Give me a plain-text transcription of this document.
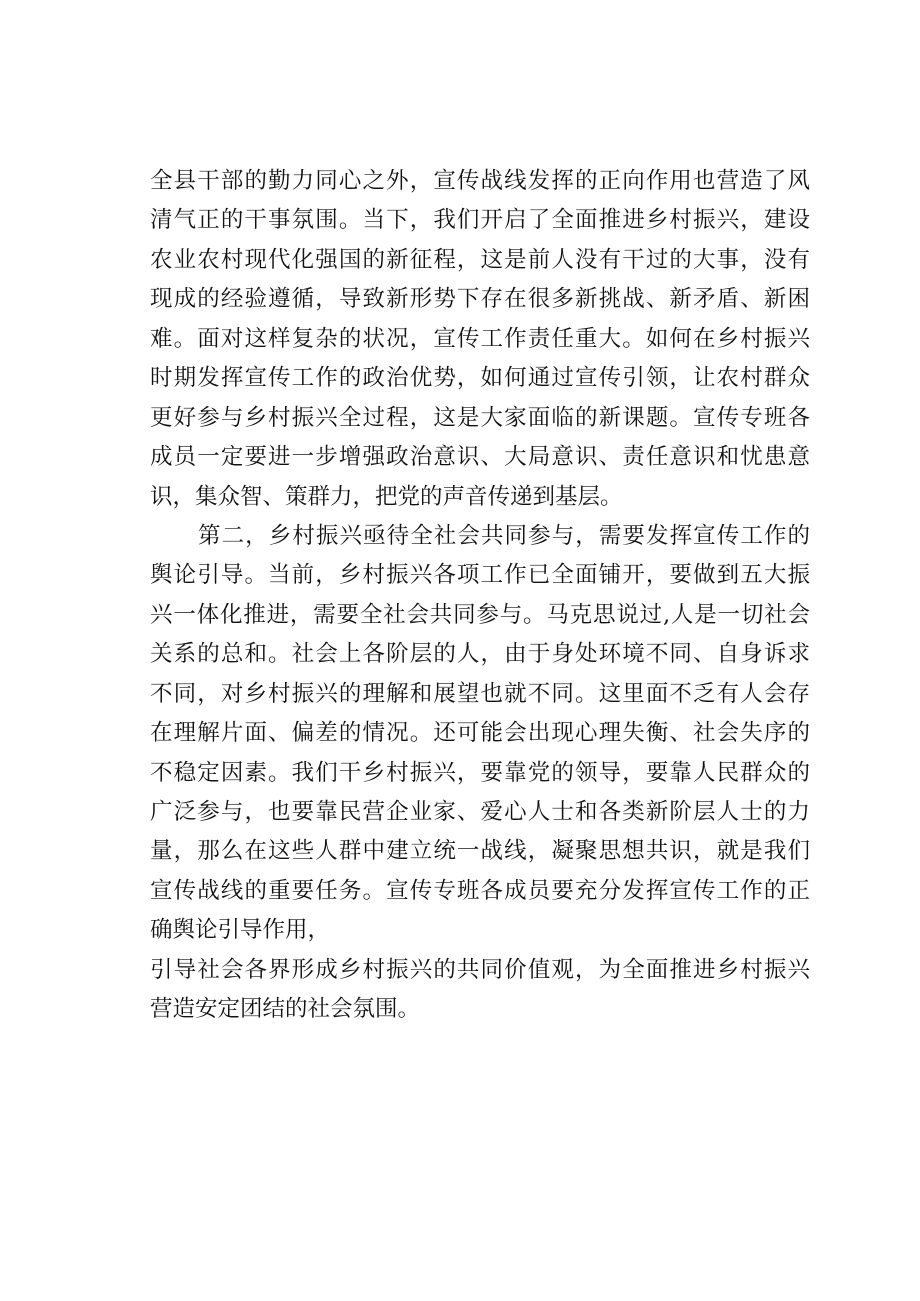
全县干部的勤力同心之外，宣传战线发挥的正向作用也营造了风
清气正的干事氛围。当下，我们开启了全面推进乡村振兴，建设
农业农村现代化强国的新征程，这是前人没有干过的大事，没有
现成的经验遵循，导致新形势下存在很多新挑战、新矛盾、新困
难。面对这样复杂的状况，宣传工作责任重大。如何在乡村振兴
时期发挥宣传工作的政治优势，如何通过宣传引领，让农村群众
更好参与乡村振兴全过程，这是大家面临的新课题。宣传专班各
成员一定要进一步增强政治意识、大局意识、责任意识和忧患意
识，集众智、策群力，把党的声音传递到基层。
第二，乡村振兴亟待全社会共同参与，需要发挥宣传工作的
舆论引导。当前，乡村振兴各项工作已全面铺开，要做到五大振
兴一体化推进，需要全社会共同参与。马克思说过,人是一切社会
关系的总和。社会上各阶层的人，由于身处环境不同、自身诉求
不同，对乡村振兴的理解和展望也就不同。这里面不乏有人会存
在理解片面、偏差的情况。还可能会出现心理失衡、社会失序的
不稳定因素。我们干乡村振兴，要靠党的领导，要靠人民群众的
广泛参与，也要靠民营企业家、爱心人士和各类新阶层人士的力
量，那么在这些人群中建立统一战线，凝聚思想共识，就是我们
宣传战线的重要任务。宣传专班各成员要充分发挥宣传工作的正
确舆论引导作用，
引导社会各界形成乡村振兴的共同价值观，为全面推进乡村振兴
营造安定团结的社会氛围。
